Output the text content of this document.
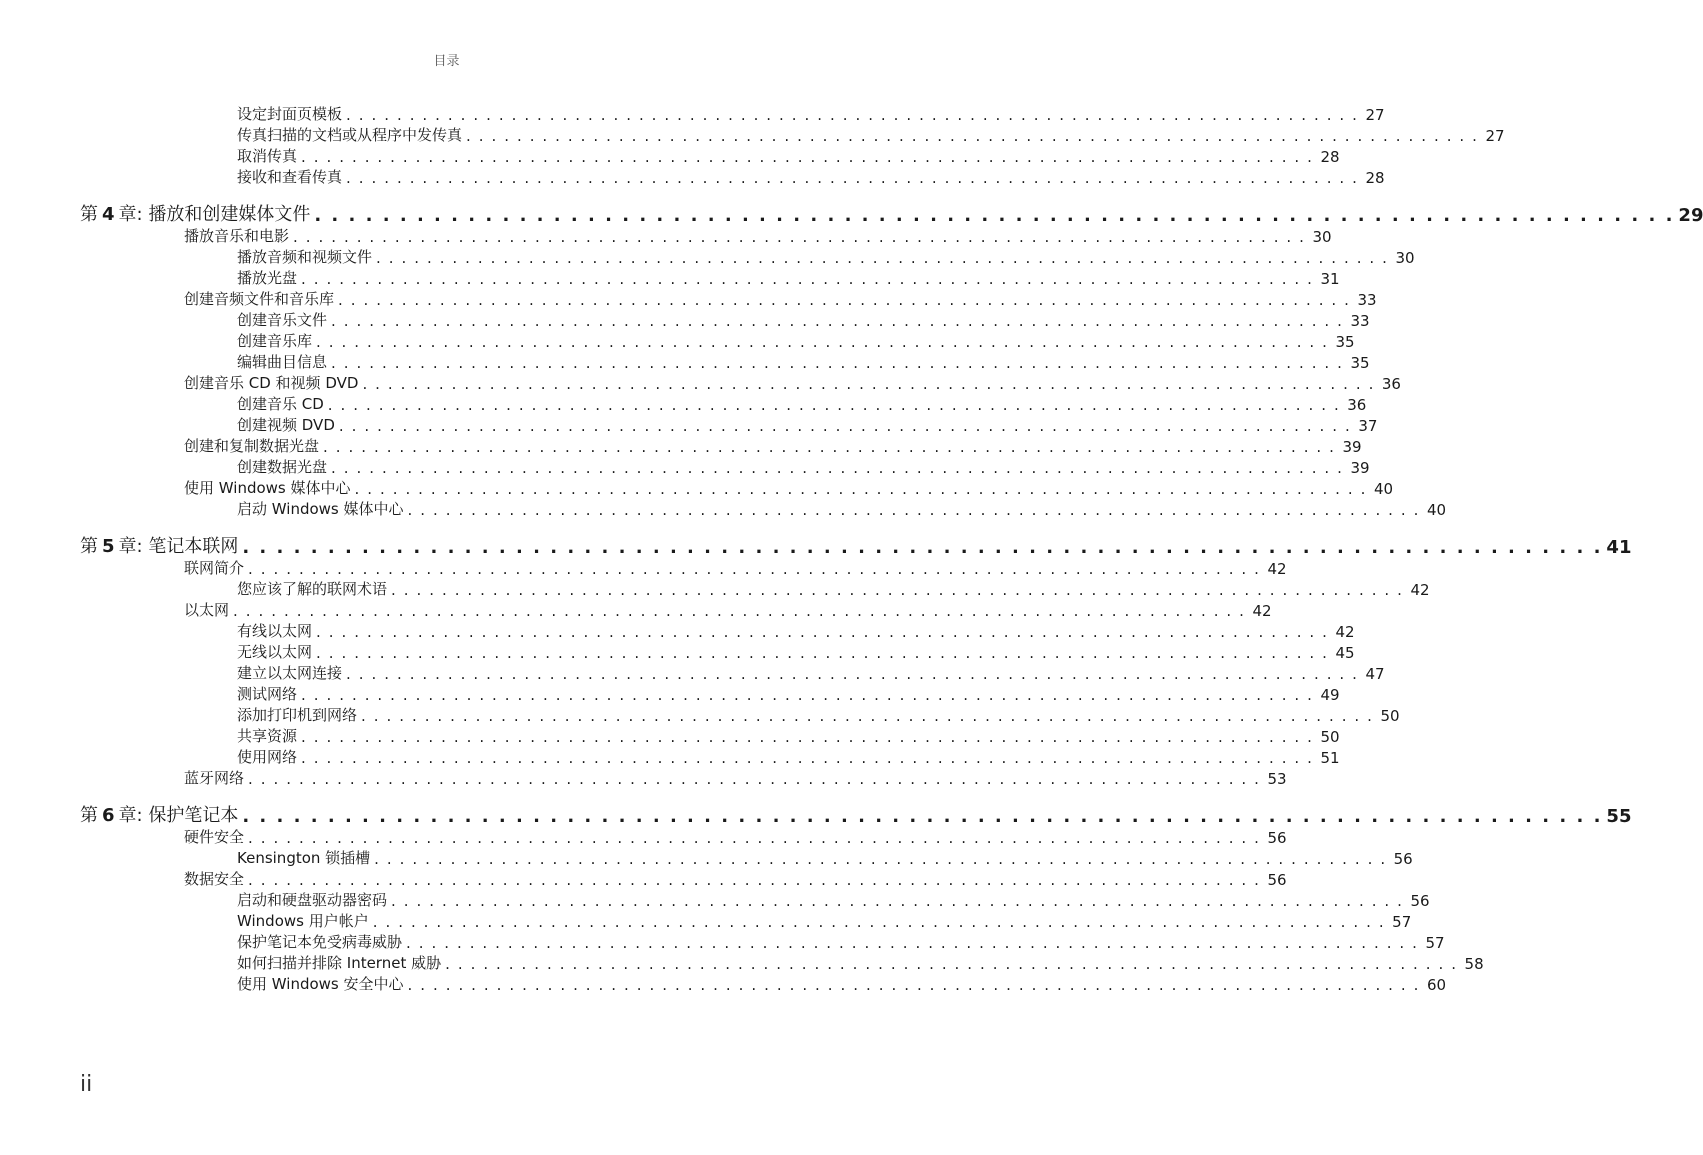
目录
设定封面页模板 . . . . . . . . . . . . . . . . . . . . . . . . . . . . . . . . . . . . . . . . . . . . . . . . . . . . . . . . . . . . . . . . . . . . . . . . . . . . . . . . 27
传真扫描的文档或从程序中发传真 . . . . . . . . . . . . . . . . . . . . . . . . . . . . . . . . . . . . . . . . . . . . . . . . . . . . . . . . . . . . . . . . . . . . . . . . . . . . . . . . 27
取消传真 . . . . . . . . . . . . . . . . . . . . . . . . . . . . . . . . . . . . . . . . . . . . . . . . . . . . . . . . . . . . . . . . . . . . . . . . . . . . . . . . 28
接收和查看传真 . . . . . . . . . . . . . . . . . . . . . . . . . . . . . . . . . . . . . . . . . . . . . . . . . . . . . . . . . . . . . . . . . . . . . . . . . . . . . . . . 28
第 4 章: 播放和创建媒体文件 . . . . . . . . . . . . . . . . . . . . . . . . . . . . . . . . . . . . . . . . . . . . . . . . . . . . . . . . . . . . . . . . . . . . . . . . . . . . . . . . 29
播放音乐和电影 . . . . . . . . . . . . . . . . . . . . . . . . . . . . . . . . . . . . . . . . . . . . . . . . . . . . . . . . . . . . . . . . . . . . . . . . . . . . . . . . 30
播放音频和视频文件 . . . . . . . . . . . . . . . . . . . . . . . . . . . . . . . . . . . . . . . . . . . . . . . . . . . . . . . . . . . . . . . . . . . . . . . . . . . . . . . . 30
播放光盘 . . . . . . . . . . . . . . . . . . . . . . . . . . . . . . . . . . . . . . . . . . . . . . . . . . . . . . . . . . . . . . . . . . . . . . . . . . . . . . . . 31
创建音频文件和音乐库 . . . . . . . . . . . . . . . . . . . . . . . . . . . . . . . . . . . . . . . . . . . . . . . . . . . . . . . . . . . . . . . . . . . . . . . . . . . . . . . . 33
创建音乐文件 . . . . . . . . . . . . . . . . . . . . . . . . . . . . . . . . . . . . . . . . . . . . . . . . . . . . . . . . . . . . . . . . . . . . . . . . . . . . . . . . 33
创建音乐库 . . . . . . . . . . . . . . . . . . . . . . . . . . . . . . . . . . . . . . . . . . . . . . . . . . . . . . . . . . . . . . . . . . . . . . . . . . . . . . . . 35
编辑曲目信息 . . . . . . . . . . . . . . . . . . . . . . . . . . . . . . . . . . . . . . . . . . . . . . . . . . . . . . . . . . . . . . . . . . . . . . . . . . . . . . . . 35
创建音乐 CD 和视频 DVD . . . . . . . . . . . . . . . . . . . . . . . . . . . . . . . . . . . . . . . . . . . . . . . . . . . . . . . . . . . . . . . . . . . . . . . . . . . . . . . . 36
创建音乐 CD . . . . . . . . . . . . . . . . . . . . . . . . . . . . . . . . . . . . . . . . . . . . . . . . . . . . . . . . . . . . . . . . . . . . . . . . . . . . . . . . 36
创建视频 DVD . . . . . . . . . . . . . . . . . . . . . . . . . . . . . . . . . . . . . . . . . . . . . . . . . . . . . . . . . . . . . . . . . . . . . . . . . . . . . . . . 37
创建和复制数据光盘 . . . . . . . . . . . . . . . . . . . . . . . . . . . . . . . . . . . . . . . . . . . . . . . . . . . . . . . . . . . . . . . . . . . . . . . . . . . . . . . . 39
创建数据光盘 . . . . . . . . . . . . . . . . . . . . . . . . . . . . . . . . . . . . . . . . . . . . . . . . . . . . . . . . . . . . . . . . . . . . . . . . . . . . . . . . 39
使用 Windows 媒体中心 . . . . . . . . . . . . . . . . . . . . . . . . . . . . . . . . . . . . . . . . . . . . . . . . . . . . . . . . . . . . . . . . . . . . . . . . . . . . . . . . 40
启动 Windows 媒体中心 . . . . . . . . . . . . . . . . . . . . . . . . . . . . . . . . . . . . . . . . . . . . . . . . . . . . . . . . . . . . . . . . . . . . . . . . . . . . . . . . 40
第 5 章: 笔记本联网 . . . . . . . . . . . . . . . . . . . . . . . . . . . . . . . . . . . . . . . . . . . . . . . . . . . . . . . . . . . . . . . . . . . . . . . . . . . . . . . . 41
联网简介 . . . . . . . . . . . . . . . . . . . . . . . . . . . . . . . . . . . . . . . . . . . . . . . . . . . . . . . . . . . . . . . . . . . . . . . . . . . . . . . . 42
您应该了解的联网术语 . . . . . . . . . . . . . . . . . . . . . . . . . . . . . . . . . . . . . . . . . . . . . . . . . . . . . . . . . . . . . . . . . . . . . . . . . . . . . . . . 42
以太网 . . . . . . . . . . . . . . . . . . . . . . . . . . . . . . . . . . . . . . . . . . . . . . . . . . . . . . . . . . . . . . . . . . . . . . . . . . . . . . . . 42
有线以太网 . . . . . . . . . . . . . . . . . . . . . . . . . . . . . . . . . . . . . . . . . . . . . . . . . . . . . . . . . . . . . . . . . . . . . . . . . . . . . . . . 42
无线以太网 . . . . . . . . . . . . . . . . . . . . . . . . . . . . . . . . . . . . . . . . . . . . . . . . . . . . . . . . . . . . . . . . . . . . . . . . . . . . . . . . 45
建立以太网连接 . . . . . . . . . . . . . . . . . . . . . . . . . . . . . . . . . . . . . . . . . . . . . . . . . . . . . . . . . . . . . . . . . . . . . . . . . . . . . . . . 47
测试网络 . . . . . . . . . . . . . . . . . . . . . . . . . . . . . . . . . . . . . . . . . . . . . . . . . . . . . . . . . . . . . . . . . . . . . . . . . . . . . . . . 49
添加打印机到网络 . . . . . . . . . . . . . . . . . . . . . . . . . . . . . . . . . . . . . . . . . . . . . . . . . . . . . . . . . . . . . . . . . . . . . . . . . . . . . . . . 50
共享资源 . . . . . . . . . . . . . . . . . . . . . . . . . . . . . . . . . . . . . . . . . . . . . . . . . . . . . . . . . . . . . . . . . . . . . . . . . . . . . . . . 50
使用网络 . . . . . . . . . . . . . . . . . . . . . . . . . . . . . . . . . . . . . . . . . . . . . . . . . . . . . . . . . . . . . . . . . . . . . . . . . . . . . . . . 51
蓝牙网络 . . . . . . . . . . . . . . . . . . . . . . . . . . . . . . . . . . . . . . . . . . . . . . . . . . . . . . . . . . . . . . . . . . . . . . . . . . . . . . . . 53
第 6 章: 保护笔记本 . . . . . . . . . . . . . . . . . . . . . . . . . . . . . . . . . . . . . . . . . . . . . . . . . . . . . . . . . . . . . . . . . . . . . . . . . . . . . . . . 55
硬件安全 . . . . . . . . . . . . . . . . . . . . . . . . . . . . . . . . . . . . . . . . . . . . . . . . . . . . . . . . . . . . . . . . . . . . . . . . . . . . . . . . 56
Kensington 锁插槽 . . . . . . . . . . . . . . . . . . . . . . . . . . . . . . . . . . . . . . . . . . . . . . . . . . . . . . . . . . . . . . . . . . . . . . . . . . . . . . . . 56
数据安全 . . . . . . . . . . . . . . . . . . . . . . . . . . . . . . . . . . . . . . . . . . . . . . . . . . . . . . . . . . . . . . . . . . . . . . . . . . . . . . . . 56
启动和硬盘驱动器密码 . . . . . . . . . . . . . . . . . . . . . . . . . . . . . . . . . . . . . . . . . . . . . . . . . . . . . . . . . . . . . . . . . . . . . . . . . . . . . . . . 56
Windows 用户帐户 . . . . . . . . . . . . . . . . . . . . . . . . . . . . . . . . . . . . . . . . . . . . . . . . . . . . . . . . . . . . . . . . . . . . . . . . . . . . . . . . 57
保护笔记本免受病毒威胁 . . . . . . . . . . . . . . . . . . . . . . . . . . . . . . . . . . . . . . . . . . . . . . . . . . . . . . . . . . . . . . . . . . . . . . . . . . . . . . . . 57
如何扫描并排除 Internet 威胁 . . . . . . . . . . . . . . . . . . . . . . . . . . . . . . . . . . . . . . . . . . . . . . . . . . . . . . . . . . . . . . . . . . . . . . . . . . . . . . . . 58
使用 Windows 安全中心 . . . . . . . . . . . . . . . . . . . . . . . . . . . . . . . . . . . . . . . . . . . . . . . . . . . . . . . . . . . . . . . . . . . . . . . . . . . . . . . . 60
ii
